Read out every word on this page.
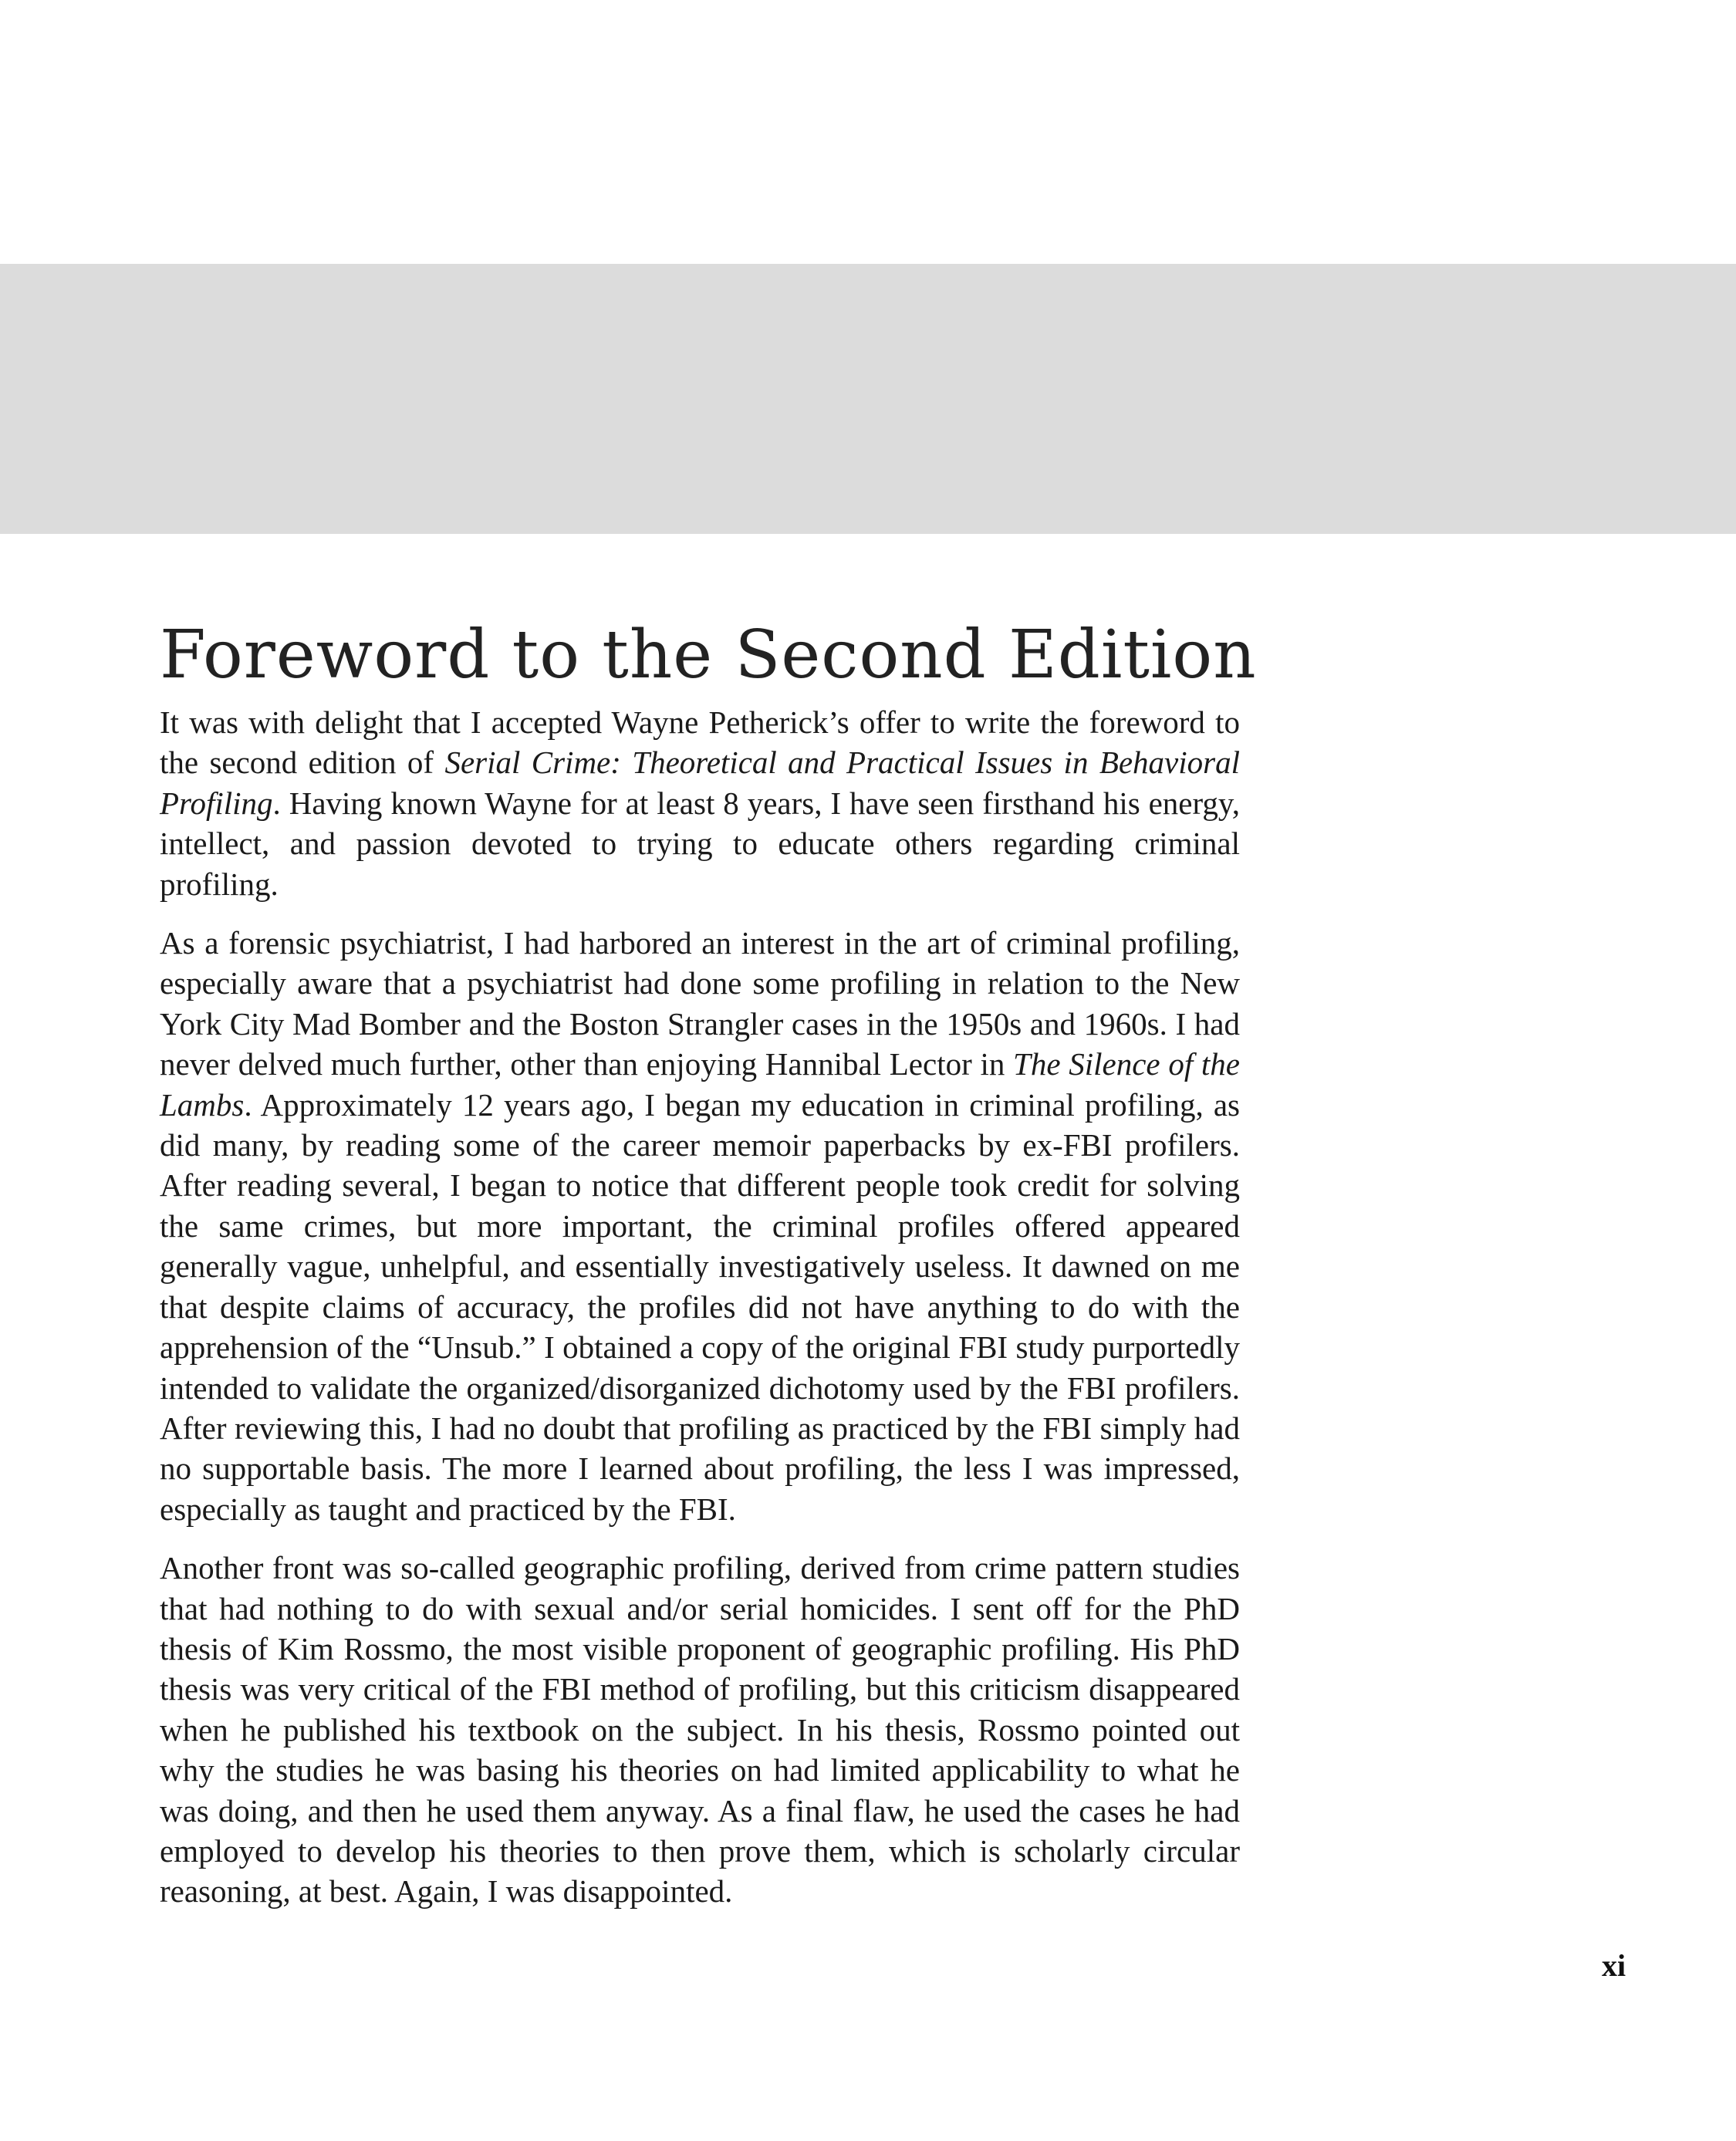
Foreword to the Second Edition

It was with delight that I accepted Wayne Petherick’s offer to write the foreword to the second edition of Serial Crime: Theoretical and Practical Issues in Behavioral Profiling. Having known Wayne for at least 8 years, I have seen firsthand his energy, intellect, and passion devoted to trying to educate others regarding criminal profiling.

As a forensic psychiatrist, I had harbored an interest in the art of criminal profiling, especially aware that a psychiatrist had done some profiling in relation to the New York City Mad Bomber and the Boston Strangler cases in the 1950s and 1960s. I had never delved much further, other than enjoying Hannibal Lector in The Silence of the Lambs. Approximately 12 years ago, I began my education in criminal profiling, as did many, by reading some of the career memoir paperbacks by ex-FBI profilers. After reading several, I began to notice that different people took credit for solving the same crimes, but more important, the criminal profiles offered appeared generally vague, unhelpful, and essentially investigatively useless. It dawned on me that despite claims of accuracy, the profiles did not have anything to do with the apprehension of the “Unsub.” I obtained a copy of the original FBI study purportedly intended to validate the organized/disorganized dichotomy used by the FBI profilers. After reviewing this, I had no doubt that profiling as practiced by the FBI simply had no supportable basis. The more I learned about profiling, the less I was impressed, especially as taught and practiced by the FBI.

Another front was so-called geographic profiling, derived from crime pattern studies that had nothing to do with sexual and/or serial homicides. I sent off for the PhD thesis of Kim Rossmo, the most visible proponent of geographic profiling. His PhD thesis was very critical of the FBI method of profiling, but this criticism disappeared when he published his textbook on the subject. In his thesis, Rossmo pointed out why the studies he was basing his theories on had limited applicability to what he was doing, and then he used them anyway. As a final flaw, he used the cases he had employed to develop his theories to then prove them, which is scholarly circular reasoning, at best. Again, I was disappointed.

xi
